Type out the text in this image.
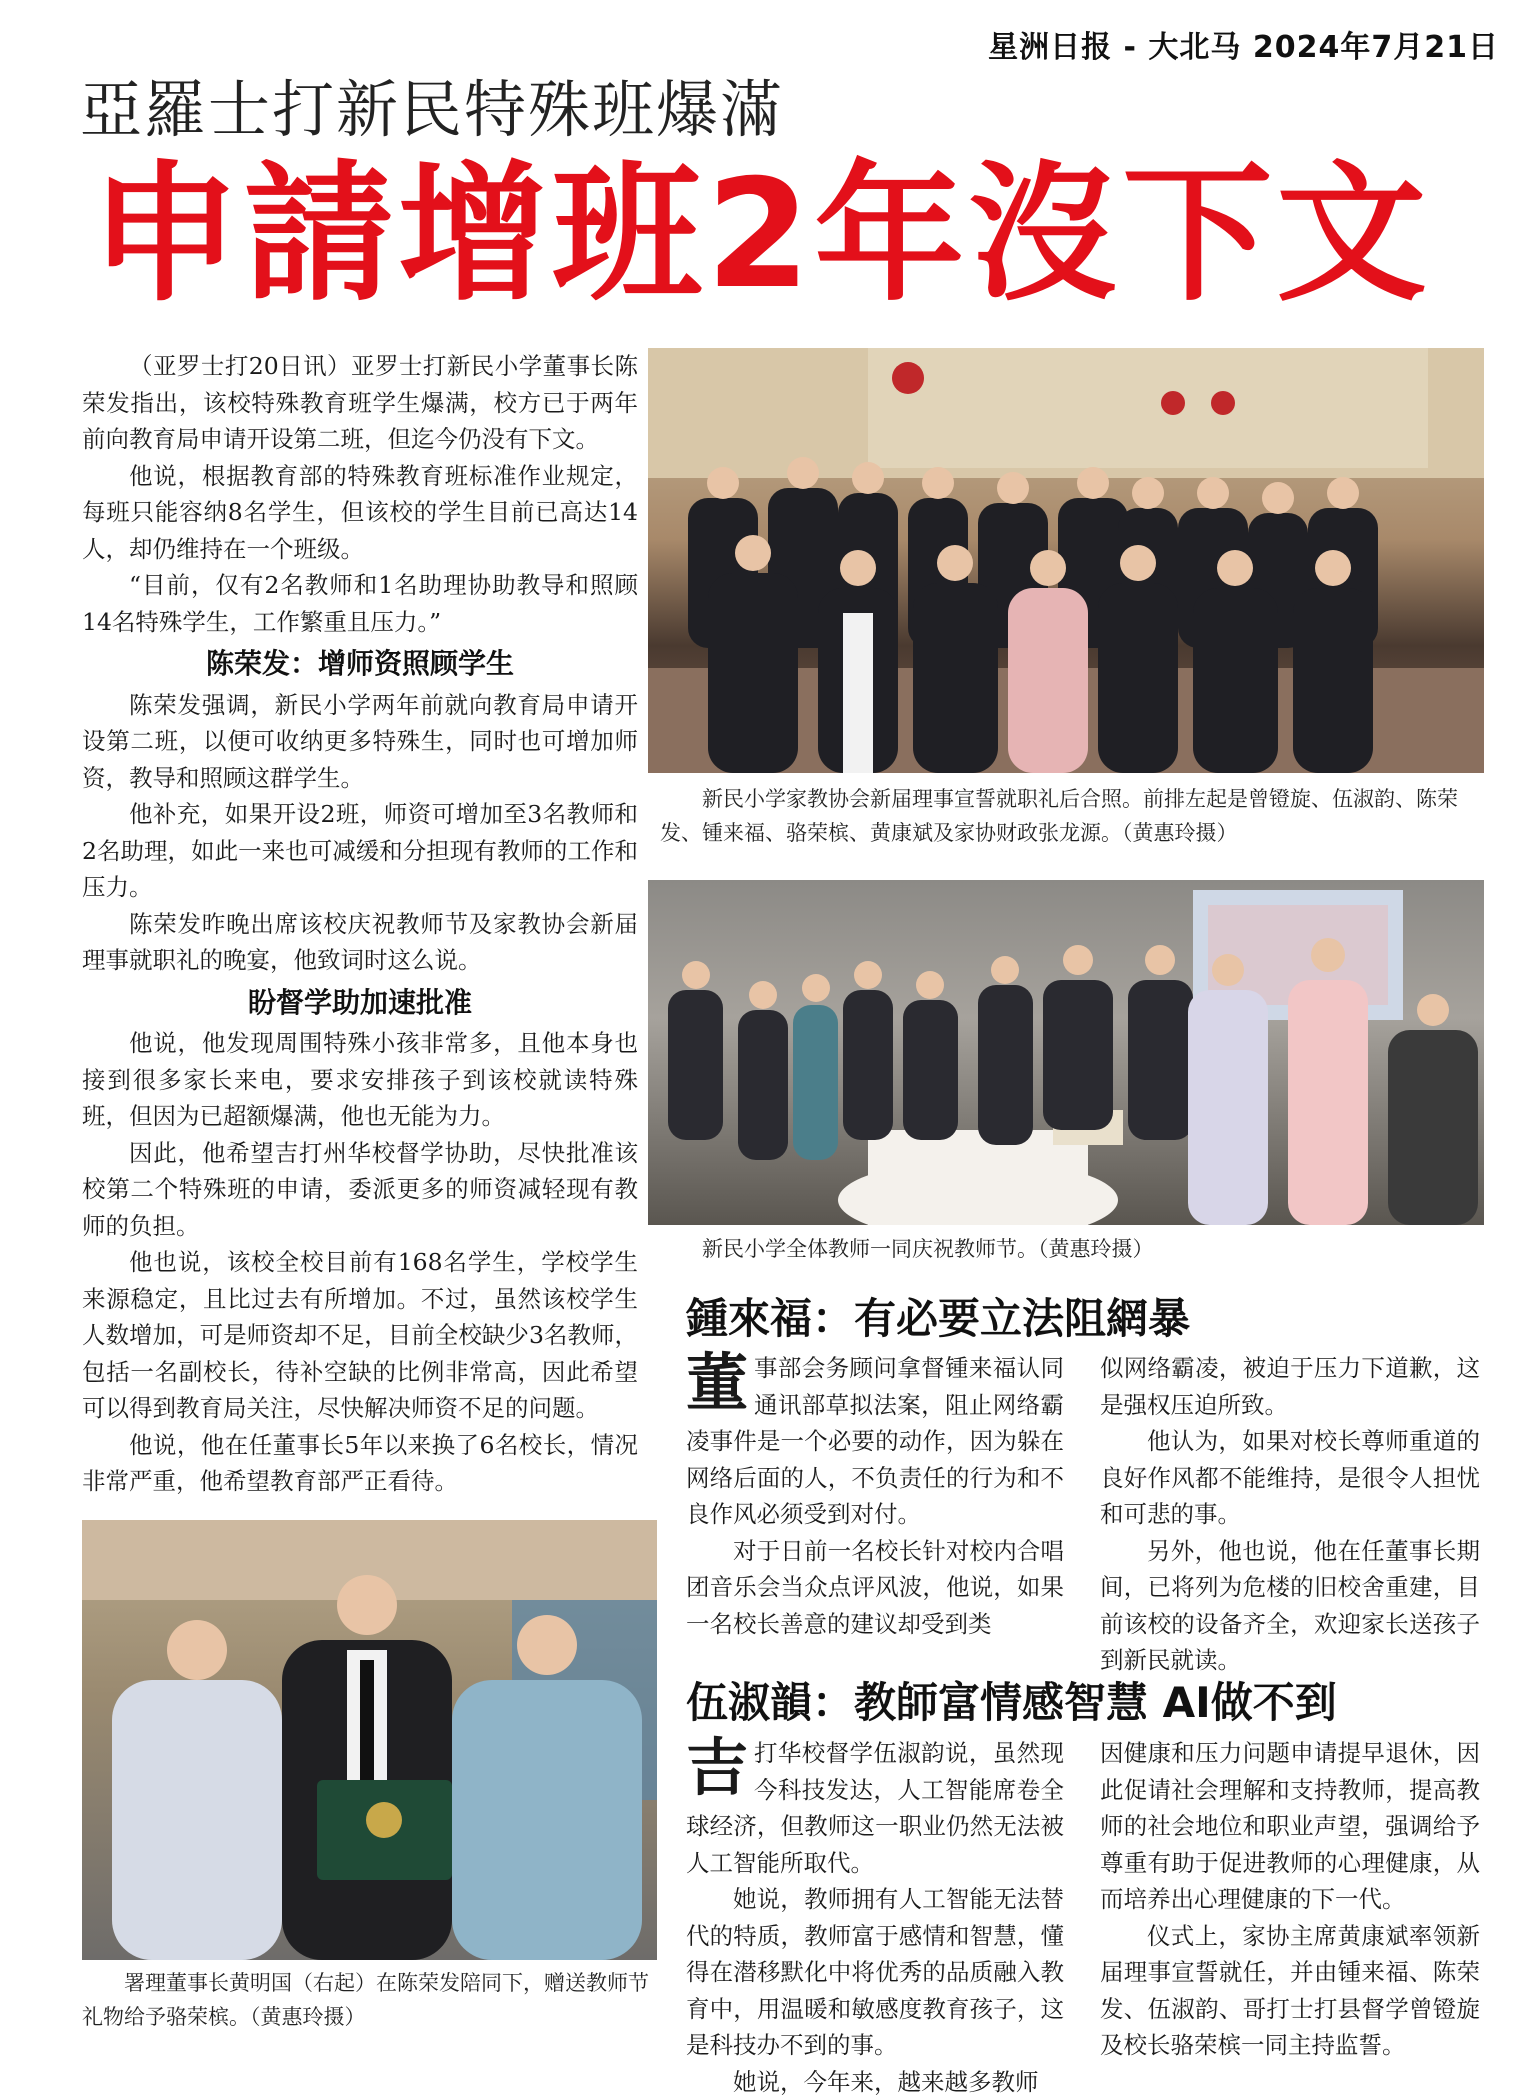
星洲日报 - 大北马 2024年7月21日
亞羅士打新民特殊班爆滿
申請增班2年沒下文

（亚罗士打20日讯）亚罗士打新民小学董事长陈荣发指出，该校特殊教育班学生爆满，校方已于两年前向教育局申请开设第二班，但迄今仍没有下文。

他说，根据教育部的特殊教育班标准作业规定，每班只能容纳8名学生，但该校的学生目前已高达14人，却仍维持在一个班级。

“目前，仅有2名教师和1名助理协助教导和照顾14名特殊学生，工作繁重且压力。”

陈荣发：增师资照顾学生

陈荣发强调，新民小学两年前就向教育局申请开设第二班，以便可收纳更多特殊生，同时也可增加师资，教导和照顾这群学生。

他补充，如果开设2班，师资可增加至3名教师和2名助理，如此一来也可减缓和分担现有教师的工作和压力。

陈荣发昨晚出席该校庆祝教师节及家教协会新届理事就职礼的晚宴，他致词时这么说。

盼督学助加速批准

他说，他发现周围特殊小孩非常多，且他本身也接到很多家长来电，要求安排孩子到该校就读特殊班，但因为已超额爆满，他也无能为力。

因此，他希望吉打州华校督学协助，尽快批准该校第二个特殊班的申请，委派更多的师资减轻现有教师的负担。

他也说，该校全校目前有168名学生，学校学生来源稳定，且比过去有所增加。不过，虽然该校学生人数增加，可是师资却不足，目前全校缺少3名教师，包括一名副校长，待补空缺的比例非常高，因此希望可以得到教育局关注，尽快解决师资不足的问题。

他说，他在任董事长5年以来换了6名校长，情况非常严重，他希望教育部严正看待。

新民小学家教协会新届理事宣誓就职礼后合照。前排左起是曾镫旋、伍淑韵、陈荣发、锺来福、骆荣槟、黄康斌及家协财政张龙源。（黄惠玲摄）
新民小学全体教师一同庆祝教师节。（黄惠玲摄）
鍾來福：有必要立法阻網暴

董事部会务顾问拿督锺来福认同通讯部草拟法案，阻止网络霸凌事件是一个必要的动作，因为躲在网络后面的人，不负责任的行为和不良作风必须受到对付。

对于日前一名校长针对校内合唱团音乐会当众点评风波，他说，如果一名校长善意的建议却受到类

似网络霸凌，被迫于压力下道歉，这是强权压迫所致。

他认为，如果对校长尊师重道的良好作风都不能维持，是很令人担忧和可悲的事。

另外，他也说，他在任董事长期间，已将列为危楼的旧校舍重建，目前该校的设备齐全，欢迎家长送孩子到新民就读。

伍淑韻：教師富情感智慧 AI做不到

吉打华校督学伍淑韵说，虽然现今科技发达，人工智能席卷全球经济，但教师这一职业仍然无法被人工智能所取代。

她说，教师拥有人工智能无法替代的特质，教师富于感情和智慧，懂得在潜移默化中将优秀的品质融入教育中，用温暖和敏感度教育孩子，这是科技办不到的事。

她说，今年来，越来越多教师

因健康和压力问题申请提早退休，因此促请社会理解和支持教师，提高教师的社会地位和职业声望，强调给予尊重有助于促进教师的心理健康，从而培养出心理健康的下一代。

仪式上，家协主席黄康斌率领新届理事宣誓就任，并由锺来福、陈荣发、伍淑韵、哥打士打县督学曾镫旋及校长骆荣槟一同主持监誓。

署理董事长黄明国（右起）在陈荣发陪同下，赠送教师节礼物给予骆荣槟。（黄惠玲摄）
